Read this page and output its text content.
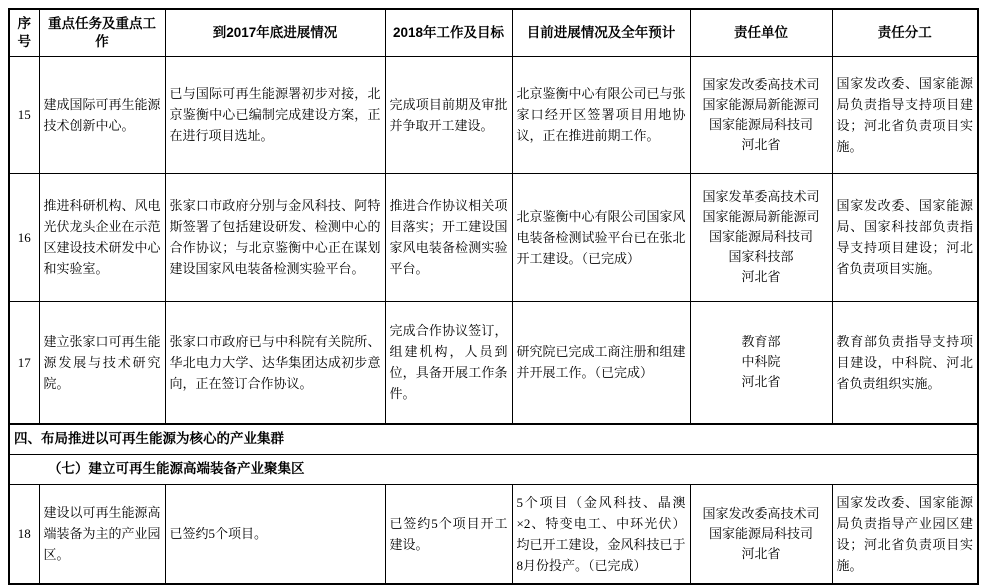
序号	重点任务及重点工作	到2017年底进展情况	2018年工作及目标	目前进展情况及全年预计	责任单位	责任分工
15	建成国际可再生能源技术创新中心。	已与国际可再生能源署初步对接，北京鉴衡中心已编制完成建设方案，正在进行项目选址。	完成项目前期及审批并争取开工建设。	北京鉴衡中心有限公司已与张家口经开区签署项目用地协议，正在推进前期工作。	国家发改委高技术司
国家能源局新能源司
国家能源局科技司
河北省	国家发改委、国家能源局负责指导支持项目建设；河北省负责项目实施。
16	推进科研机构、风电光伏龙头企业在示范区建设技术研发中心和实验室。	张家口市政府分别与金风科技、阿特斯签署了包括建设研发、检测中心的合作协议；与北京鉴衡中心正在谋划建设国家风电装备检测实验平台。	推进合作协议相关项目落实；开工建设国家风电装备检测实验平台。	北京鉴衡中心有限公司国家风电装备检测试验平台已在张北开工建设。（已完成）	国家发革委高技术司
国家能源局新能源司
国家能源局科技司
国家科技部
河北省	国家发改委、国家能源局、国家科技部负责指导支持项目建设；河北省负责项目实施。
17	建立张家口可再生能源发展与技术研究院。	张家口市政府已与中科院有关院所、华北电力大学、达华集团达成初步意向，正在签订合作协议。	完成合作协议签订，组建机构，人员到位，具备开展工作条件。	研究院已完成工商注册和组建并开展工作。（已完成）	教育部
中科院
河北省	教育部负责指导支持项目建设，中科院、河北省负责组织实施。
四、布局推进以可再生能源为核心的产业集群						
（七）建立可再生能源高端装备产业聚集区						
18	建设以可再生能源高端装备为主的产业园区。	已签约5个项目。	已签约5个项目开工建设。	5个项目（金风科技、晶澳×2、特变电工、中环光伏）均已开工建设，金风科技已于8月份投产。（已完成）	国家发改委高技术司
国家能源局科技司
河北省	国家发改委、国家能源局负责指导产业园区建设；河北省负责项目实施。
